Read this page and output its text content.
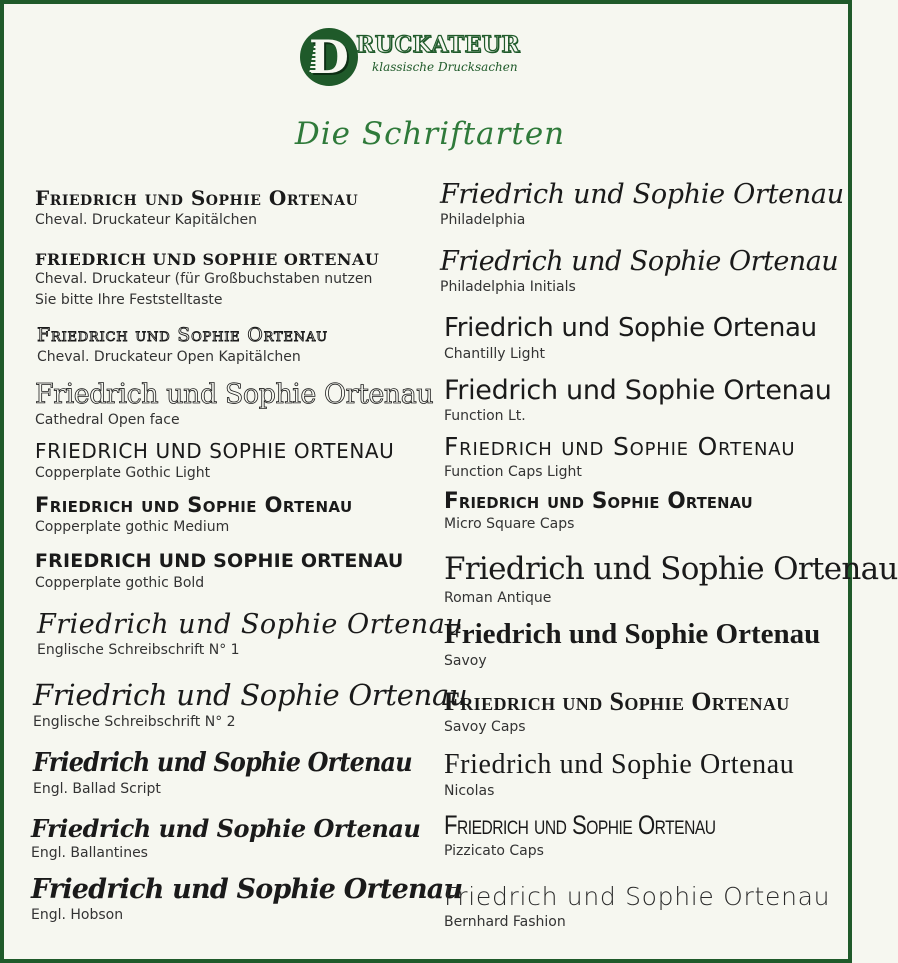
D RUCKATEUR
klassische Drucksachen
Die Schriftarten
Friedrich und Sophie Ortenau
Cheval. Druckateur Kapitälchen
FRIEDRICH UND SOPHIE ORTENAU
Cheval. Druckateur (für Großbuchstaben nutzen
Sie bitte Ihre Feststelltaste
Friedrich und Sophie Ortenau
Cheval. Druckateur Open Kapitälchen
Friedrich und Sophie Ortenau
Cathedral Open face
FRIEDRICH UND SOPHIE ORTENAU
Copperplate Gothic Light
Friedrich und Sophie Ortenau
Copperplate gothic Medium
FRIEDRICH UND SOPHIE ORTENAU
Copperplate gothic Bold
Friedrich und Sophie Ortenau
Englische Schreibschrift N° 1
Friedrich und Sophie Ortenau
Englische Schreibschrift N° 2
Friedrich und Sophie Ortenau
Engl. Ballad Script
Friedrich und Sophie Ortenau
Engl. Ballantines
Friedrich und Sophie Ortenau
Engl. Hobson
Friedrich und Sophie Ortenau
Philadelphia
Friedrich und Sophie Ortenau
Philadelphia Initials
Friedrich und Sophie Ortenau
Chantilly Light
Friedrich und Sophie Ortenau
Function Lt.
Friedrich und Sophie Ortenau
Function Caps Light
Friedrich und Sophie Ortenau
Micro Square Caps
Friedrich und Sophie Ortenau
Roman Antique
Friedrich und Sophie Ortenau
Savoy
Friedrich und Sophie Ortenau
Savoy Caps
Friedrich und Sophie Ortenau
Nicolas
Friedrich und Sophie Ortenau
Pizzicato Caps
Friedrich und Sophie Ortenau
Bernhard Fashion
